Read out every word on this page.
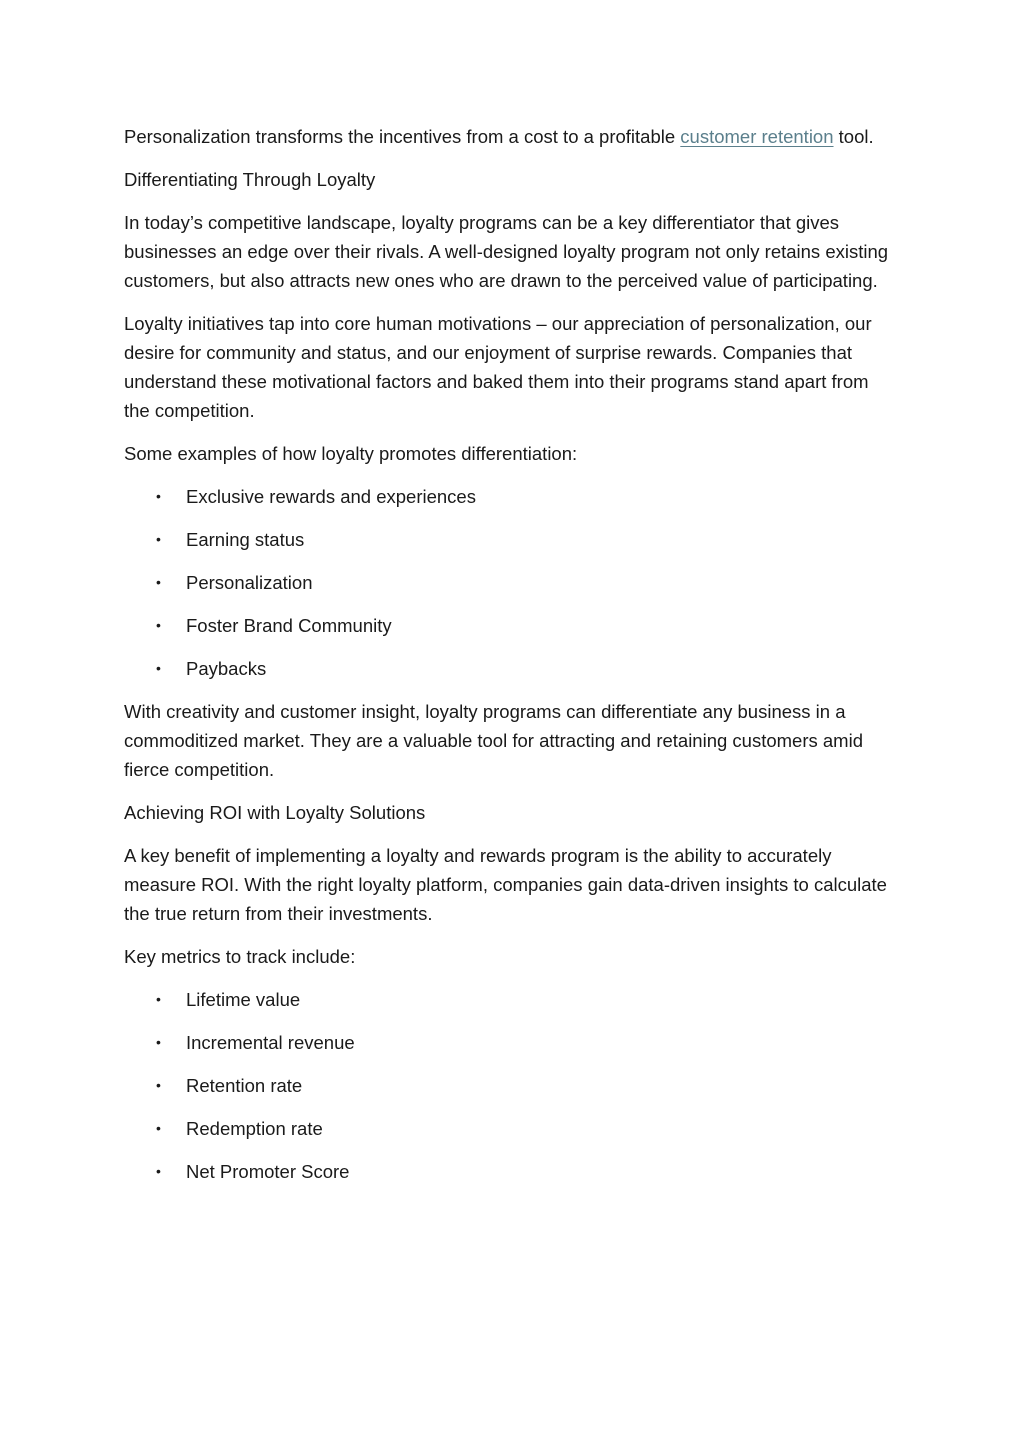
Personalization transforms the incentives from a cost to a profitable customer retention tool.

Differentiating Through Loyalty

In today’s competitive landscape, loyalty programs can be a key differentiator that gives businesses an edge over their rivals. A well-designed loyalty program not only retains existing customers, but also attracts new ones who are drawn to the perceived value of participating.

Loyalty initiatives tap into core human motivations – our appreciation of personalization, our desire for community and status, and our enjoyment of surprise rewards. Companies that understand these motivational factors and baked them into their programs stand apart from the competition.

Some examples of how loyalty promotes differentiation:

• Exclusive rewards and experiences
• Earning status
• Personalization
• Foster Brand Community
• Paybacks

With creativity and customer insight, loyalty programs can differentiate any business in a commoditized market. They are a valuable tool for attracting and retaining customers amid fierce competition.

Achieving ROI with Loyalty Solutions

A key benefit of implementing a loyalty and rewards program is the ability to accurately measure ROI. With the right loyalty platform, companies gain data-driven insights to calculate the true return from their investments.

Key metrics to track include:

• Lifetime value
• Incremental revenue
• Retention rate
• Redemption rate
• Net Promoter Score
